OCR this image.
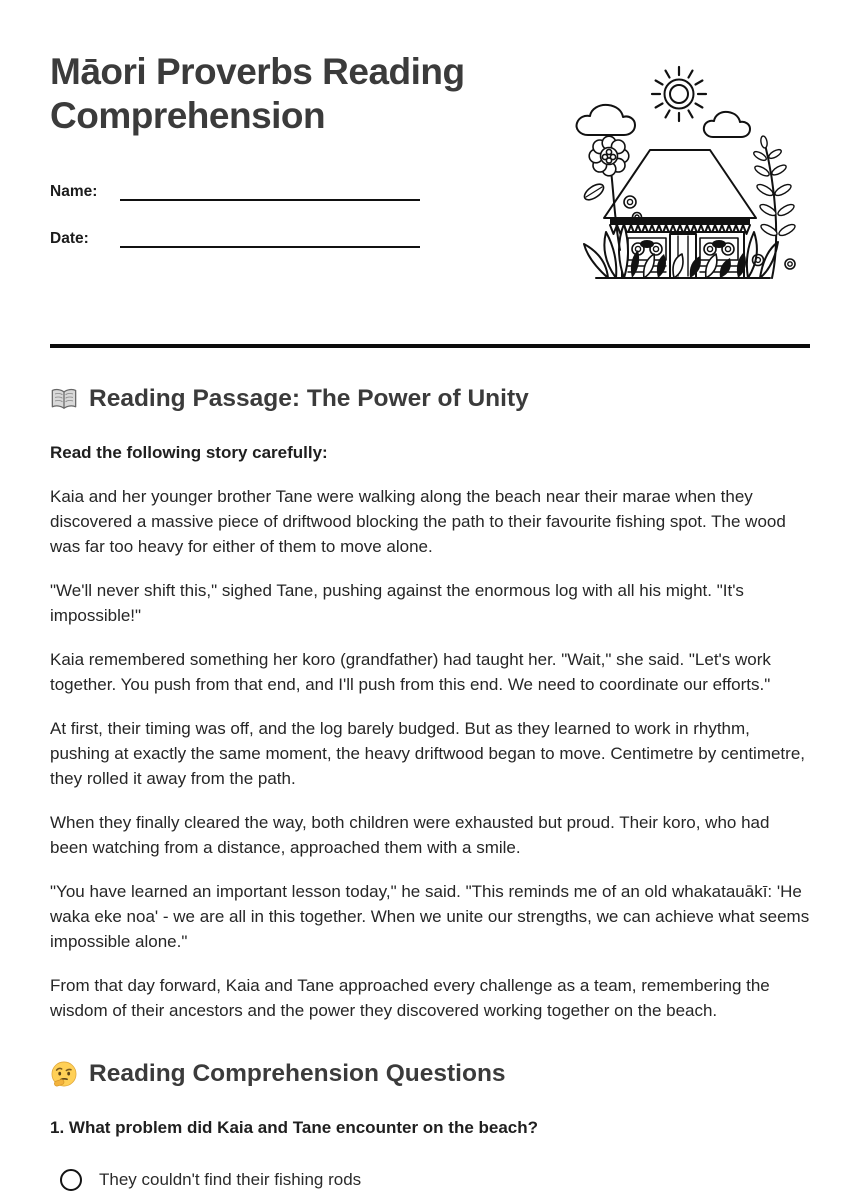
Māori Proverbs Reading Comprehension
Name:
Date:
Reading Passage: The Power of Unity

Read the following story carefully:

Kaia and her younger brother Tane were walking along the beach near their marae when they discovered a massive piece of driftwood blocking the path to their favourite fishing spot. The wood was far too heavy for either of them to move alone.

"We'll never shift this," sighed Tane, pushing against the enormous log with all his might. "It's impossible!"

Kaia remembered something her koro (grandfather) had taught her. "Wait," she said. "Let's work together. You push from that end, and I'll push from this end. We need to coordinate our efforts."

At first, their timing was off, and the log barely budged. But as they learned to work in rhythm, pushing at exactly the same moment, the heavy driftwood began to move. Centimetre by centimetre, they rolled it away from the path.

When they finally cleared the way, both children were exhausted but proud. Their koro, who had been watching from a distance, approached them with a smile.

"You have learned an important lesson today," he said. "This reminds me of an old whakatauākī: 'He waka eke noa' - we are all in this together. When we unite our strengths, we can achieve what seems impossible alone."

From that day forward, Kaia and Tane approached every challenge as a team, remembering the wisdom of their ancestors and the power they discovered working together on the beach.

Reading Comprehension Questions

1. What problem did Kaia and Tane encounter on the beach?

They couldn't find their fishing rods
